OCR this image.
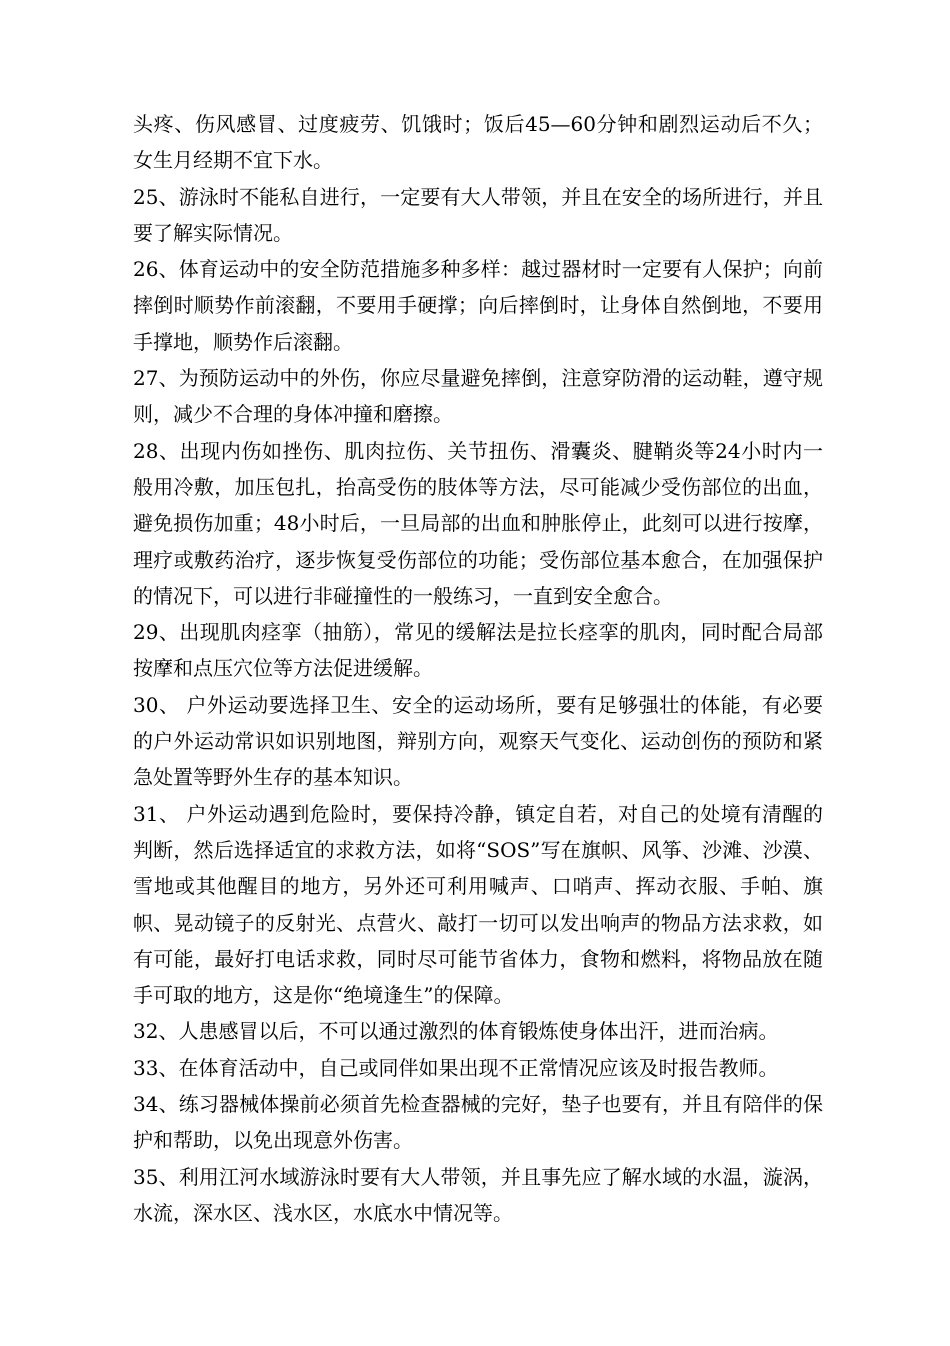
头疼、伤风感冒、过度疲劳、饥饿时；饭后45—60分钟和剧烈运动后不久；女生月经期不宜下水。

25、游泳时不能私自进行，一定要有大人带领，并且在安全的场所进行，并且要了解实际情况。

26、体育运动中的安全防范措施多种多样：越过器材时一定要有人保护；向前摔倒时顺势作前滚翻，不要用手硬撑；向后摔倒时，让身体自然倒地，不要用手撑地，顺势作后滚翻。

27、为预防运动中的外伤，你应尽量避免摔倒，注意穿防滑的运动鞋，遵守规则，减少不合理的身体冲撞和磨擦。

28、出现内伤如挫伤、肌肉拉伤、关节扭伤、滑囊炎、腱鞘炎等24小时内一般用冷敷，加压包扎，抬高受伤的肢体等方法，尽可能减少受伤部位的出血，避免损伤加重；48小时后，一旦局部的出血和肿胀停止，此刻可以进行按摩，理疗或敷药治疗，逐步恢复受伤部位的功能；受伤部位基本愈合，在加强保护的情况下，可以进行非碰撞性的一般练习，一直到安全愈合。

29、出现肌肉痉挛（抽筋），常见的缓解法是拉长痉挛的肌肉，同时配合局部按摩和点压穴位等方法促进缓解。

30、 户外运动要选择卫生、安全的运动场所，要有足够强壮的体能，有必要的户外运动常识如识别地图，辩别方向，观察天气变化、运动创伤的预防和紧急处置等野外生存的基本知识。

31、 户外运动遇到危险时，要保持冷静，镇定自若，对自己的处境有清醒的判断，然后选择适宜的求救方法，如将“SOS”写在旗帜、风筝、沙滩、沙漠、雪地或其他醒目的地方，另外还可利用喊声、口哨声、挥动衣服、手帕、旗帜、晃动镜子的反射光、点营火、敲打一切可以发出响声的物品方法求救，如有可能，最好打电话求救，同时尽可能节省体力，食物和燃料，将物品放在随手可取的地方，这是你“绝境逢生”的保障。

32、人患感冒以后，不可以通过激烈的体育锻炼使身体出汗，进而治病。

33、在体育活动中，自己或同伴如果出现不正常情况应该及时报告教师。

34、练习器械体操前必须首先检查器械的完好，垫子也要有，并且有陪伴的保护和帮助，以免出现意外伤害。

35、利用江河水域游泳时要有大人带领，并且事先应了解水域的水温，漩涡，水流，深水区、浅水区，水底水中情况等。
